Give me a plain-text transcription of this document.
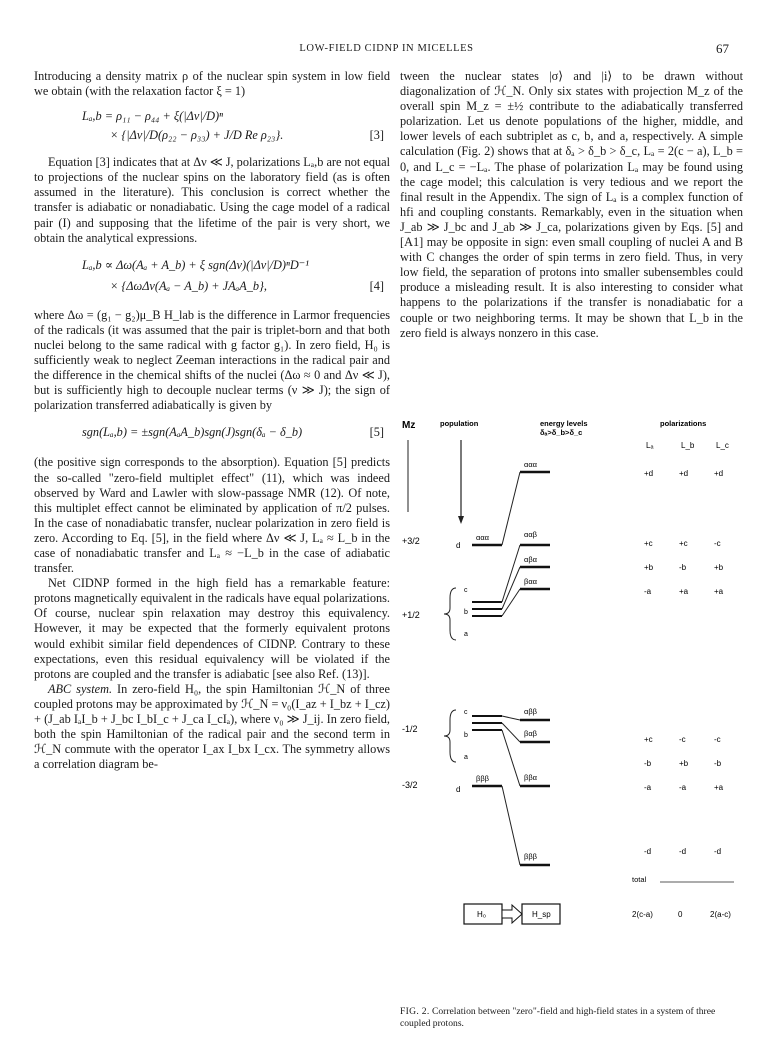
LOW-FIELD CIDNP IN MICELLES	67

Introducing a density matrix ρ of the nuclear spin system in low field we obtain (with the relaxation factor ξ = 1)

Lₐ,b = ρ₁₁ − ρ₄₄ + ξ(|Δν|/D)ⁿ
× {|Δν|/D(ρ₂₂ − ρ₃₃) + J/D Re ρ₂₃}.	[3]

Equation [3] indicates that at Δν ≪ J, polarizations Lₐ,b are not equal to projections of the nuclear spins on the laboratory field (as is often assumed in the literature). This conclusion is correct whether the transfer is adiabatic or nonadiabatic. Using the cage model of a radical pair (I) and supposing that the lifetime of the pair is very short, we obtain the analytical expressions.

Lₐ,b ∝ Δω(Aₐ + A_b) + ξ sgn(Δν)(|Δν|/D)ⁿD⁻¹
× {ΔωΔν(Aₐ − A_b) + JAₐA_b},	[4]

where Δω = (g₁ − g₂)μ_B H_lab is the difference in Larmor frequencies of the radicals (it was assumed that the pair is triplet-born and that both nuclei belong to the same radical with g factor g₁). In zero field, H₀ is sufficiently weak to neglect Zeeman interactions in the radical pair and the difference in the chemical shifts of the nuclei (Δω ≈ 0 and Δν ≪ J), but is sufficiently high to decouple nuclear terms (ν ≫ J); the sign of polarization transferred adiabatically is given by

sgn(Lₐ,b) = ±sgn(AₐA_b)sgn(J)sgn(δₐ − δ_b)	[5]

(the positive sign corresponds to the absorption). Equation [5] predicts the so-called "zero-field multiplet effect" (11), which was indeed observed by Ward and Lawler with slow-passage NMR (12). Of note, this multiplet effect cannot be eliminated by application of π/2 pulses. In the case of nonadiabatic transfer, nuclear polarization in zero field is zero. According to Eq. [5], in the field where Δν ≪ J, Lₐ ≈ L_b in the case of nonadiabatic transfer and Lₐ ≈ −L_b in the case of adiabatic transfer.

Net CIDNP formed in the high field has a remarkable feature: protons magnetically equivalent in the radicals have equal polarizations. Of course, nuclear spin relaxation may destroy this equivalency. However, it may be expected that the formerly equivalent protons would exhibit similar field dependences of CIDNP. Contrary to these expectations, even this residual equivalency will be violated if the protons are coupled and the transfer is adiabatic [see also Ref. (13)].

ABC system. In zero-field H₀, the spin Hamiltonian ℋ_N of three coupled protons may be approximated by ℋ_N = ν₀(I_az + I_bz + I_cz) + (J_ab IₐI_b + J_bc I_bI_c + J_ca I_cIₐ), where ν₀ ≫ J_ij. In zero field, both the spin Hamiltonian of the radical pair and the second term in ℋ_N commute with the operator I_ax I_bx I_cx. The symmetry allows a correlation diagram be-

tween the nuclear states |σ⟩ and |i⟩ to be drawn without diagonalization of ℋ_N. Only six states with projection M_z of the overall spin M_z = ±½ contribute to the adiabatically transferred polarization. Let us denote populations of the higher, middle, and lower levels of each subtriplet as c, b, and a, respectively. A simple calculation (Fig. 2) shows that at δₐ > δ_b > δ_c, Lₐ = 2(c − a), L_b = 0, and L_c = −Lₐ. The phase of polarization Lₐ may be found using the cage model; this calculation is very tedious and we report the final result in the Appendix. The sign of Lₐ is a complex function of hfi and coupling constants. Remarkably, even in the situation when J_ab ≫ J_bc and J_ab ≫ J_ca, polarizations given by Eqs. [5] and [A1] may be opposite in sign: even small coupling of nuclei A and B with C changes the order of spin terms in zero field. Thus, in very low field, the separation of protons into smaller subensembles could produce a misleading result. It is also interesting to consider what happens to the polarizations if the transfer is nonadiabatic for a couple or two neighboring terms. It may be shown that L_b in the zero field is always nonzero in this case.

Mz	population	energy levels
δₐ>δ_b>δ_c
polarizations
Lₐ	L_b	L_c
+3/2
+1/2
-1/2
-3/2
d
c
b
a
c
b
a
d
ααα
βββ
ααα
ααβ
αβα
βαα
αββ
βαβ
ββα
βββ
+d	+d	+d
+c	+c	-c
+b	-b	+b
-a	+a	+a
+c	-c	-c
-b	+b	-b
-a	-a	+a
-d	-d	-d
total
2(c-a)	0	2(a-c)
H₀	H_sp
FIG. 2. Correlation between "zero"-field and high-field states in a system of three coupled protons.
